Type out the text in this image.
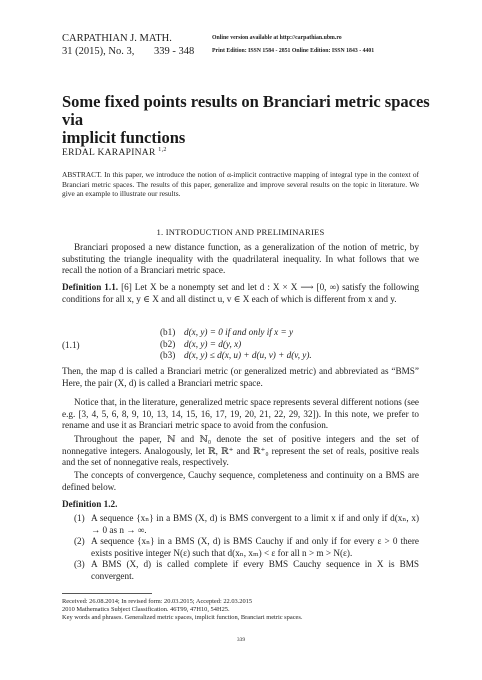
CARPATHIAN J. MATH.
31 (2015), No. 3, 339 - 348
Online version available at http://carpathian.ubm.ro
Print Edition: ISSN 1584 - 2851 Online Edition: ISSN 1843 - 4401
Some fixed points results on Branciari metric spaces via
implicit functions
ERDAL KARAPINAR $^{1,2}$
ABSTRACT. In this paper, we introduce the notion of α-implicit contractive mapping of integral type in the context of Branciari metric spaces. The results of this paper, generalize and improve several results on the topic in literature. We give an example to illustrate our results.
1. INTRODUCTION AND PRELIMINARIES
Branciari proposed a new distance function, as a generalization of the notion of metric, by substituting the triangle inequality with the quadrilateral inequality. In what follows that we recall the notion of a Branciari metric space.
Definition 1.1. [6] Let X be a nonempty set and let d : X × X ⟶ [0, ∞) satisfy the following conditions for all x, y ∈ X and all distinct u, v ∈ X each of which is different from x and y.
(1.1)
(b1) d(x, y) = 0 if and only if x = y
(b2) d(x, y) = d(y, x)
(b3) d(x, y) ≤ d(x, u) + d(u, v) + d(v, y).
Then, the map d is called a Branciari metric (or generalized metric) and abbreviated as “BMS” Here, the pair (X, d) is called a Branciari metric space.
Notice that, in the literature, generalized metric space represents several different notions (see e.g. [3, 4, 5, 6, 8, 9, 10, 13, 14, 15, 16, 17, 19, 20, 21, 22, 29, 32]). In this note, we prefer to rename and use it as Branciari metric space to avoid from the confusion.
Throughout the paper, ℕ and ℕ₀ denote the set of positive integers and the set of nonnegative integers. Analogously, let ℝ, ℝ⁺ and ℝ⁺₀ represent the set of reals, positive reals and the set of nonnegative reals, respectively.
The concepts of convergence, Cauchy sequence, completeness and continuity on a BMS are defined below.
Definition 1.2.
(1) A sequence {xₙ} in a BMS (X, d) is BMS convergent to a limit x if and only if d(xₙ, x) → 0 as n → ∞.
(2) A sequence {xₙ} in a BMS (X, d) is BMS Cauchy if and only if for every ε > 0 there exists positive integer N(ε) such that d(xₙ, xₘ) < ε for all n > m > N(ε).
(3) A BMS (X, d) is called complete if every BMS Cauchy sequence in X is BMS convergent.
Received: 26.08.2014; In revised form: 20.03.2015; Accepted: 22.03.2015
2010 Mathematics Subject Classification. 46T99, 47H10, 54H25.
Key words and phrases. Generalized metric spaces, implicit function, Branciari metric spaces.
339
